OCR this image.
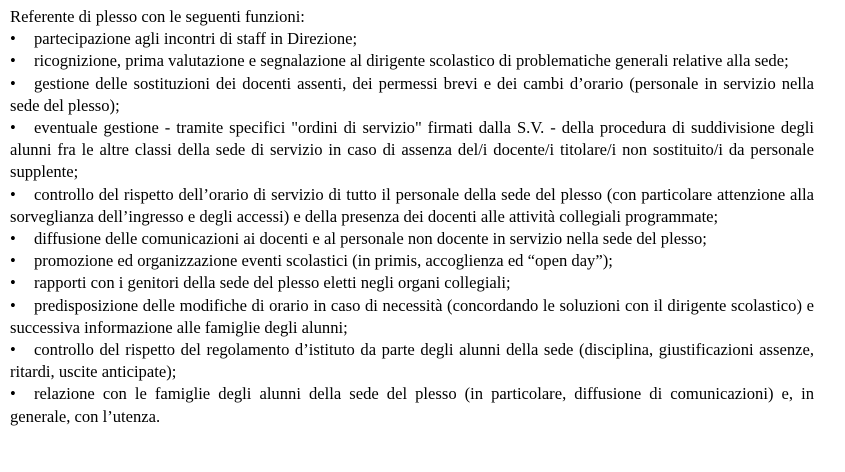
Referente di plesso con le seguenti funzioni:

•partecipazione agli incontri di staff in Direzione;
•ricognizione, prima valutazione e segnalazione al dirigente scolastico di problematiche generali relative alla sede;
•gestione delle sostituzioni dei docenti assenti, dei permessi brevi e dei cambi d’orario (personale in servizio nella sede del plesso);
•eventuale gestione - tramite specifici "ordini di servizio" firmati dalla S.V. - della procedura di suddivisione degli alunni fra le altre classi della sede di servizio in caso di assenza del/i docente/i titolare/i non sostituito/i da personale supplente;
•controllo del rispetto dell’orario di servizio di tutto il personale della sede del plesso (con particolare attenzione alla sorveglianza dell’ingresso e degli accessi) e della presenza dei docenti alle attività collegiali programmate;
•diffusione delle comunicazioni ai docenti e al personale non docente in servizio nella sede del plesso;
•promozione ed organizzazione eventi scolastici (in primis, accoglienza ed “open day”);
•rapporti con i genitori della sede del plesso eletti negli organi collegiali;
•predisposizione delle modifiche di orario in caso di necessità (concordando le soluzioni con il dirigente scolastico) e successiva informazione alle famiglie degli alunni;
•controllo del rispetto del regolamento d’istituto da parte degli alunni della sede (disciplina, giustificazioni assenze, ritardi, uscite anticipate);
•relazione con le famiglie degli alunni della sede del plesso (in particolare, diffusione di comunicazioni) e, in generale, con l’utenza.
